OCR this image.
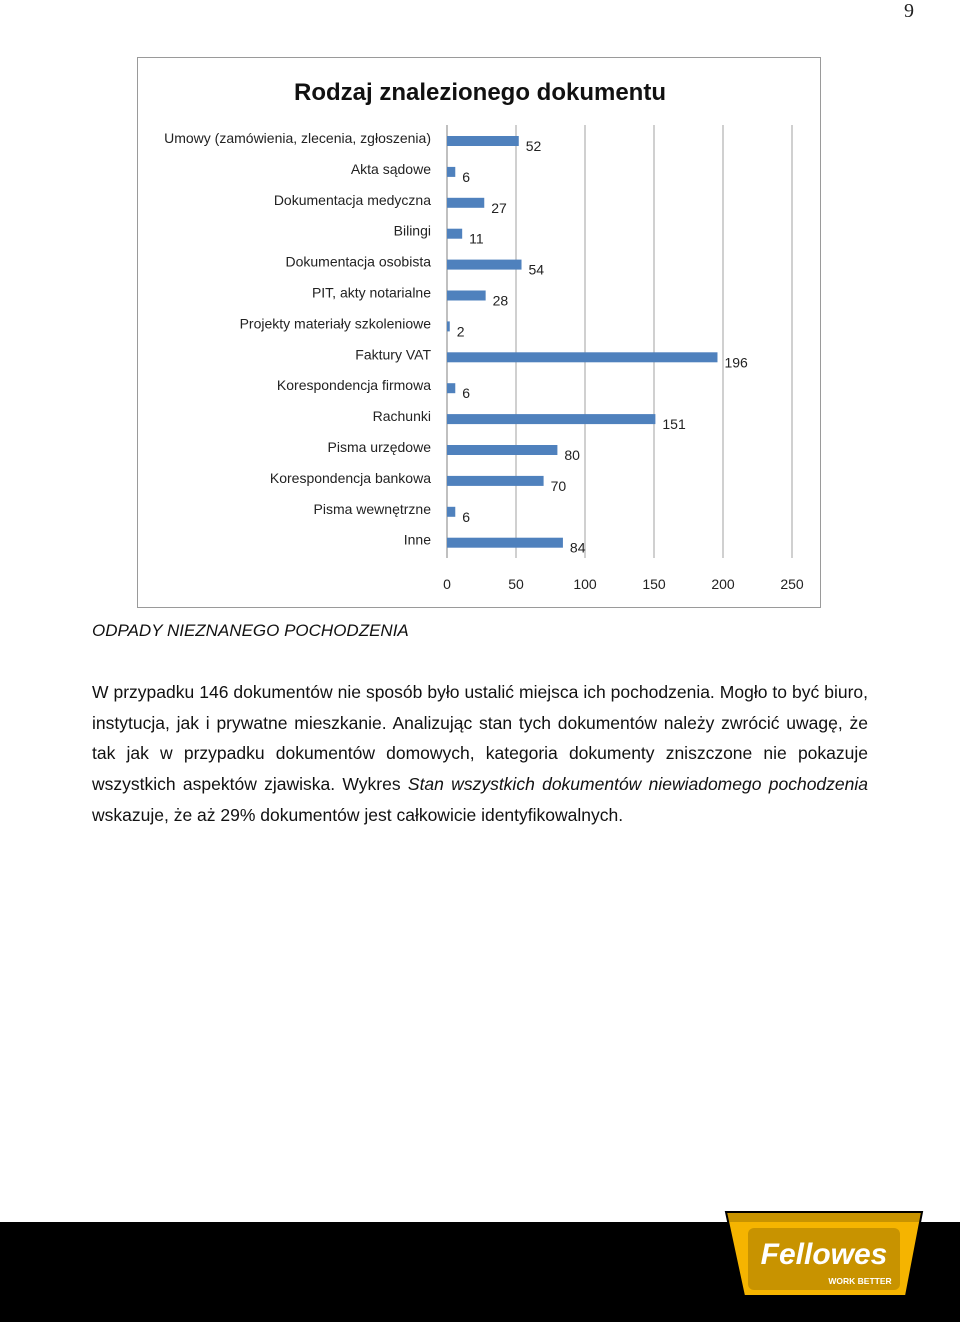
9
Rodzaj znalezionego dokumentu
0	50	100	150	200	250
52
Umowy (zamówienia, zlecenia, zgłoszenia)
6
Akta sądowe
27
Dokumentacja medyczna
11
Bilingi
54
Dokumentacja osobista
28
PIT, akty notarialne
2
Projekty materiały szkoleniowe
196
Faktury VAT
6
Korespondencja firmowa
151
Rachunki
80
Pisma urzędowe
70
Korespondencja bankowa
6
Pisma wewnętrzne
84
Inne
ODPADY NIEZNANEGO POCHODZENIA

W przypadku 146 dokumentów nie sposób było ustalić miejsca ich pochodzenia. Mogło to być biuro, instytucja, jak i prywatne mieszkanie. Analizując stan tych dokumentów należy zwrócić uwagę, że tak jak w przypadku dokumentów domowych, kategoria dokumenty zniszczone nie pokazuje wszystkich aspektów zjawiska. Wykres Stan wszystkich dokumentów niewiadomego pochodzenia wskazuje, że aż 29% dokumentów jest całkowicie identyfikowalnych.

Fellowes
WORK BETTER
